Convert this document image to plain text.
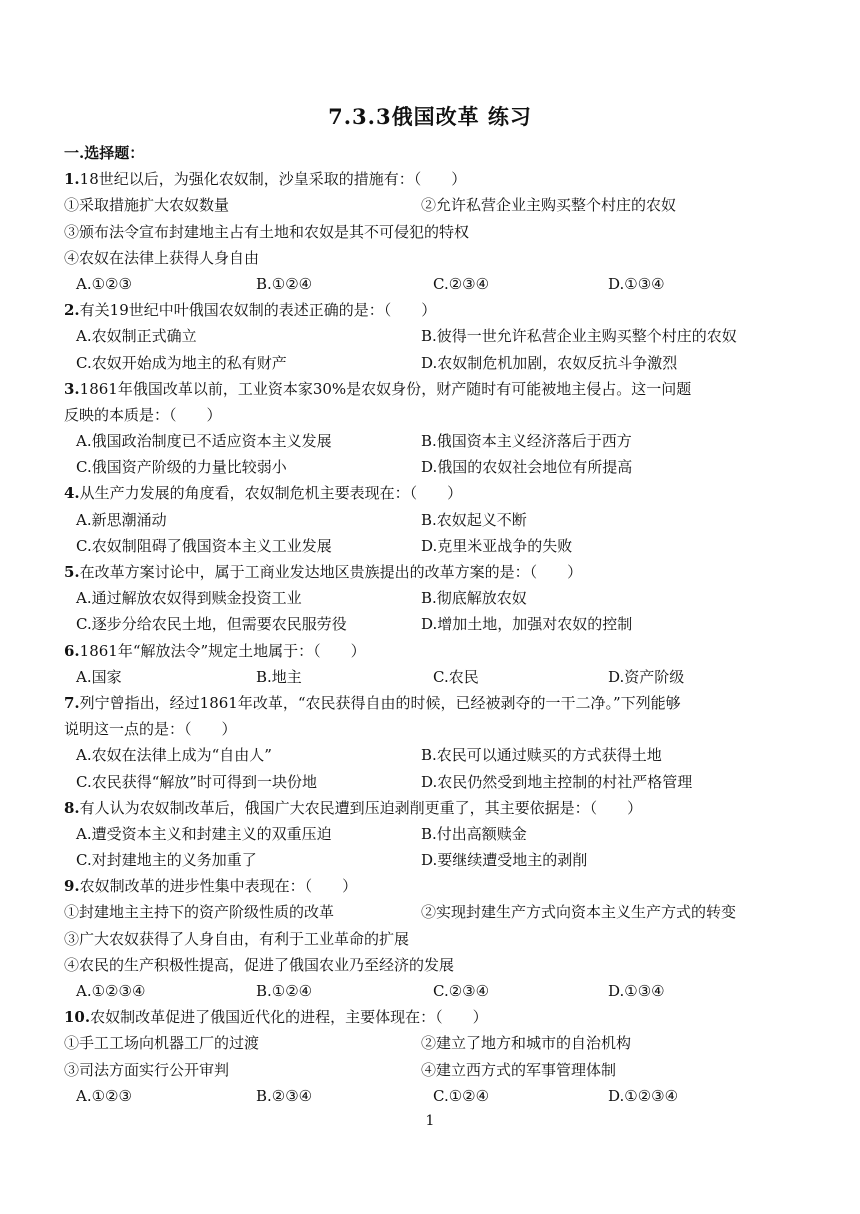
7.3.3俄国改革 练习
一.选择题：
1.18世纪以后，为强化农奴制，沙皇采取的措施有：（　　）
①采取措施扩大农奴数量	②允许私营企业主购买整个村庄的农奴
③颁布法令宣布封建地主占有土地和农奴是其不可侵犯的特权
④农奴在法律上获得人身自由
A.①②③	B.①②④	C.②③④	D.①③④
2.有关19世纪中叶俄国农奴制的表述正确的是：（　　）
A.农奴制正式确立	B.彼得一世允许私营企业主购买整个村庄的农奴
C.农奴开始成为地主的私有财产	D.农奴制危机加剧，农奴反抗斗争激烈
3.1861年俄国改革以前，工业资本家30%是农奴身份，财产随时有可能被地主侵占。这一问题
反映的本质是：（　　）
A.俄国政治制度已不适应资本主义发展	B.俄国资本主义经济落后于西方
C.俄国资产阶级的力量比较弱小	D.俄国的农奴社会地位有所提高
4.从生产力发展的角度看，农奴制危机主要表现在：（　　）
A.新思潮涌动	B.农奴起义不断
C.农奴制阻碍了俄国资本主义工业发展	D.克里米亚战争的失败
5.在改革方案讨论中，属于工商业发达地区贵族提出的改革方案的是：（　　）
A.通过解放农奴得到赎金投资工业	B.彻底解放农奴
C.逐步分给农民土地，但需要农民服劳役	D.增加土地，加强对农奴的控制
6.1861年“解放法令”规定土地属于：（　　）
A.国家	B.地主	C.农民	D.资产阶级
7.列宁曾指出，经过1861年改革，“农民获得自由的时候，已经被剥夺的一干二净。”下列能够
说明这一点的是：（　　）
A.农奴在法律上成为“自由人”	B.农民可以通过赎买的方式获得土地
C.农民获得“解放”时可得到一块份地	D.农民仍然受到地主控制的村社严格管理
8.有人认为农奴制改革后，俄国广大农民遭到压迫剥削更重了，其主要依据是：（　　）
A.遭受资本主义和封建主义的双重压迫	B.付出高额赎金
C.对封建地主的义务加重了	D.要继续遭受地主的剥削
9.农奴制改革的进步性集中表现在：（　　）
①封建地主主持下的资产阶级性质的改革	②实现封建生产方式向资本主义生产方式的转变
③广大农奴获得了人身自由，有利于工业革命的扩展
④农民的生产积极性提高，促进了俄国农业乃至经济的发展
A.①②③④	B.①②④	C.②③④	D.①③④
10.农奴制改革促进了俄国近代化的进程，主要体现在：（　　）
①手工工场向机器工厂的过渡	②建立了地方和城市的自治机构
③司法方面实行公开审判	④建立西方式的军事管理体制
A.①②③	B.②③④	C.①②④	D.①②③④
1
